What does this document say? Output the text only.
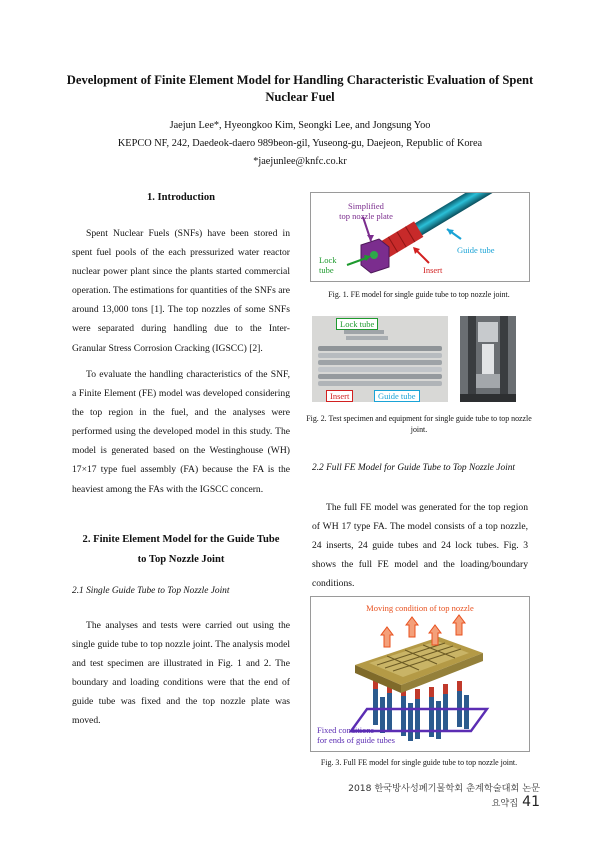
Development of Finite Element Model for Handling Characteristic Evaluation of Spent Nuclear Fuel
Jaejun Lee*, Hyeongkoo Kim, Seongki Lee, and Jongsung Yoo
KEPCO NF, 242, Daedeok-daero 989beon-gil, Yuseong-gu, Daejeon, Republic of Korea
*jaejunlee@knfc.co.kr
1. Introduction
Spent Nuclear Fuels (SNFs) have been stored in spent fuel pools of the each pressurized water reactor nuclear power plant since the plants started commercial operation. The estimations for quantities of the SNFs are around 13,000 tons [1]. The top nozzles of some SNFs were separated during handling due to the Inter-Granular Stress Corrosion Cracking (IGSCC) [2].
To evaluate the handling characteristics of the SNF, a Finite Element (FE) model was developed considering the top region in the fuel, and the analyses were performed using the developed model in this study. The model is generated based on the Westinghouse (WH) 17×17 type fuel assembly (FA) because the FA is the heaviest among the FAs with the IGSCC concern.
2. Finite Element Model for the Guide Tube
to Top Nozzle Joint
2.1 Single Guide Tube to Top Nozzle Joint
The analyses and tests were carried out using the single guide tube to top nozzle joint. The analysis model and test specimen are illustrated in Fig. 1 and 2. The boundary and loading conditions were that the end of guide tube was fixed and the top nozzle plate was moved.
Simplified
top nozzle plate
Guide tube
Lock
tube	Insert
Fig. 1. FE model for single guide tube to top nozzle joint.
Lock tube
Insert	Guide tube
Fig. 2. Test specimen and equipment for single guide tube to top nozzle joint.
2.2 Full FE Model for Guide Tube to Top Nozzle Joint
The full FE model was generated for the top region of WH 17 type FA. The model consists of a top nozzle, 24 inserts, 24 guide tubes and 24 lock tubes. Fig. 3 shows the full FE model and the loading/boundary conditions.
Moving condition of top nozzle
Fixed conditions
for ends of guide tubes
Fig. 3. Full FE model for single guide tube to top nozzle joint.
2018 한국방사성폐기물학회 춘계학술대회 논문요약집 41
